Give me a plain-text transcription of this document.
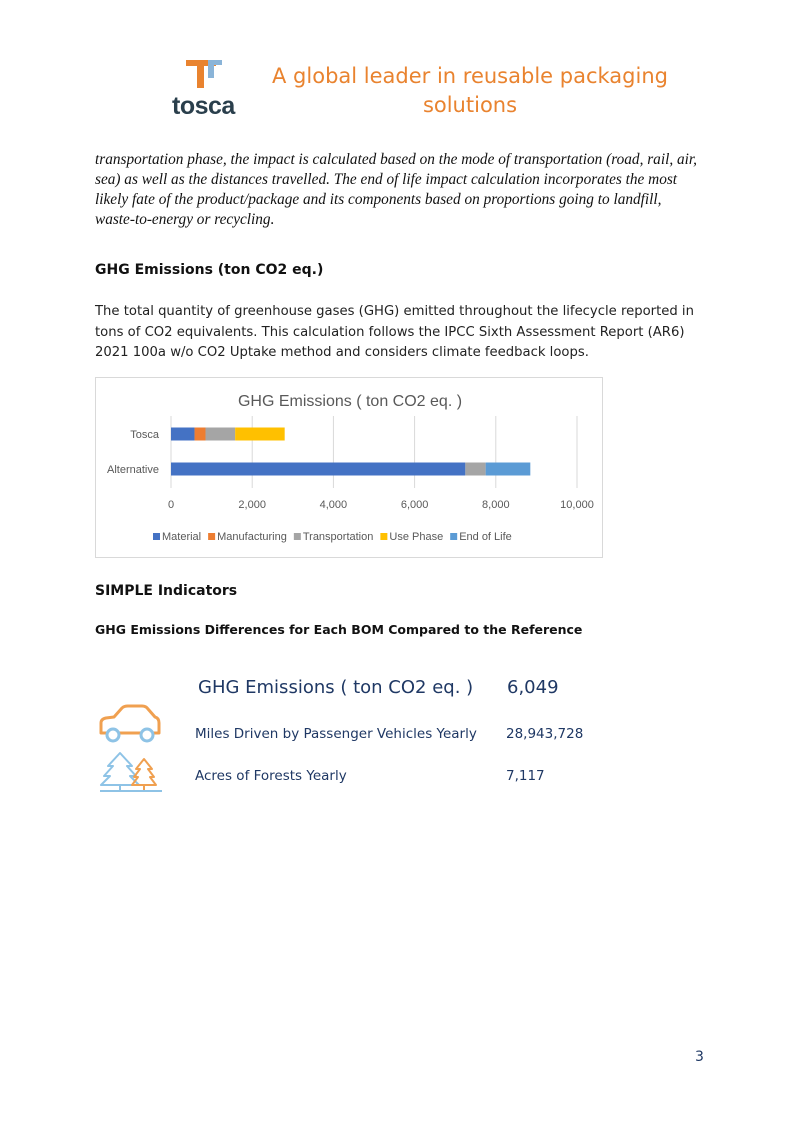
tosca
A global leader in reusable packaging
solutions
transportation phase, the impact is calculated based on the mode of transportation (road, rail, air, sea) as well as the distances travelled. The end of life impact calculation incorporates the most likely fate of the product/package and its components based on proportions going to landfill, waste-to-energy or recycling.
GHG Emissions (ton CO2 eq.)
The total quantity of greenhouse gases (GHG) emitted throughout the lifecycle reported in tons of CO2 equivalents. This calculation follows the IPCC Sixth Assessment Report (AR6) 2021 100a w/o CO2 Uptake method and considers climate feedback loops.
GHG Emissions ( ton CO2 eq. )
0	2,000	4,000	6,000	8,000	10,000
Tosca
Alternative
Material Manufacturing Transportation Use Phase End of Life
SIMPLE Indicators
GHG Emissions Differences for Each BOM Compared to the Reference
GHG Emissions ( ton CO2 eq. ) 6,049
Miles Driven by Passenger Vehicles Yearly 28,943,728
Acres of Forests Yearly	7,117
3
